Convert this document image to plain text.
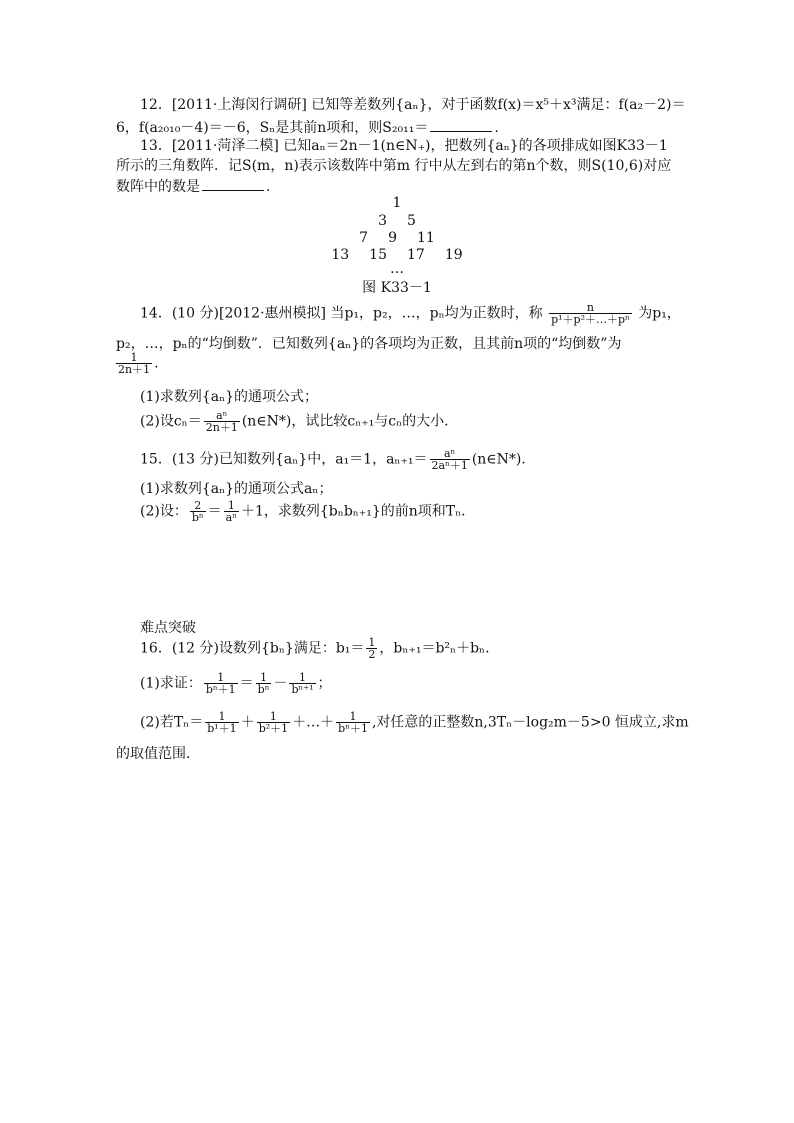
12．[2011·上海闵行调研] 已知等差数列{aₙ}，对于函数f(x)＝x⁵＋x³满足：f(a₂－2)＝
6，f(a₂₀₁₀－4)＝－6，Sₙ是其前n项和，则S₂₀₁₁＝	.
13．[2011·菏泽二模] 已知aₙ＝2n－1(n∈N₊)，把数列{aₙ}的各项排成如图K33－1
所示的三角数阵．记S(m，n)表示该数阵中第m 行中从左到右的第n个数，则S(10,6)对应
数阵中的数是	.
1
3 5
7 9 11
13 15 17 19
…
图 K33－1
14．(10 分)[2012·惠州模拟] 当p₁，p₂，…，pₙ均为正数时，称 $\frac{n}{\text{p¹＋p²＋…＋pⁿ}}$ 为p₁，
p₂，…，pₙ的“均倒数”．已知数列{aₙ}的各项均为正数，且其前n项的“均倒数”为
$\frac{1}{2n+1}$ .
(1)求数列{aₙ}的通项公式；
(2)设$c_n= \frac{\text{aⁿ}}{2n+1}$ (n∈N*)，试比较cₙ₊₁与cₙ的大小．
15．(13 分)已知数列{aₙ}中，a₁＝1，$a_{n+1}= \frac{\text{aⁿ}}{\text{2aⁿ＋1}}$ (n∈N*)．
(1)求数列{aₙ}的通项公式aₙ；
(2)设： $\frac{2}{\text{bⁿ}} = \frac{1}{\text{aⁿ}} +1$，求数列{bₙbₙ₊₁}的前n项和Tₙ.
难点突破
16．(12 分)设数列{bₙ}满足：$b_1= \frac{1}{2}$ ，bₙ₊₁＝b²ₙ＋bₙ.
(1)求证： $\frac{1}{\text{bⁿ＋1}} = \frac{1}{\text{bⁿ}} - \frac{1}{\text{bⁿ⁺¹}}$ ；
(2)若$T_n= \frac{1}{\text{b¹＋1}} + \frac{1}{\text{b²＋1}}$ ＋…＋ $\frac{1}{\text{bⁿ＋1}}$ ,对任意的正整数n,3Tₙ－log₂m－5>0 恒成立,求m
的取值范围．
